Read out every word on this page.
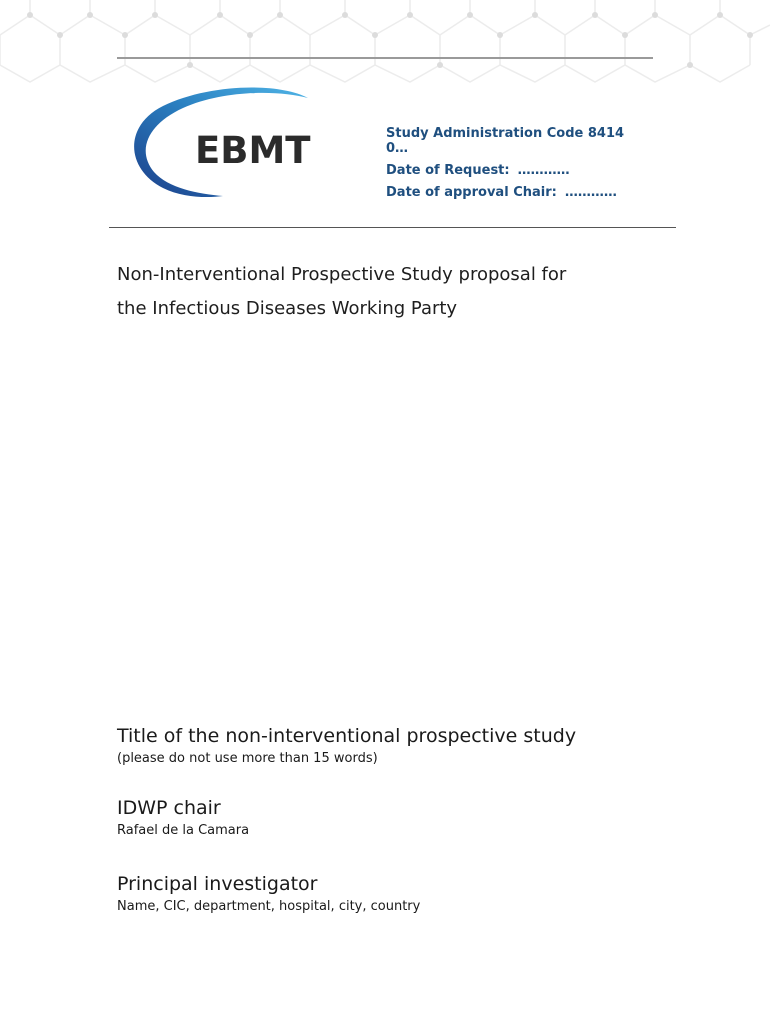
EBMT	Study Administration Code 8414
0…
Date of Request: …………
Date of approval Chair: …………
Non-Interventional Prospective Study proposal for
the Infectious Diseases Working Party
Title of the non-interventional prospective study
(please do not use more than 15 words)
IDWP chair
Rafael de la Camara
Principal investigator
Name, CIC, department, hospital, city, country
